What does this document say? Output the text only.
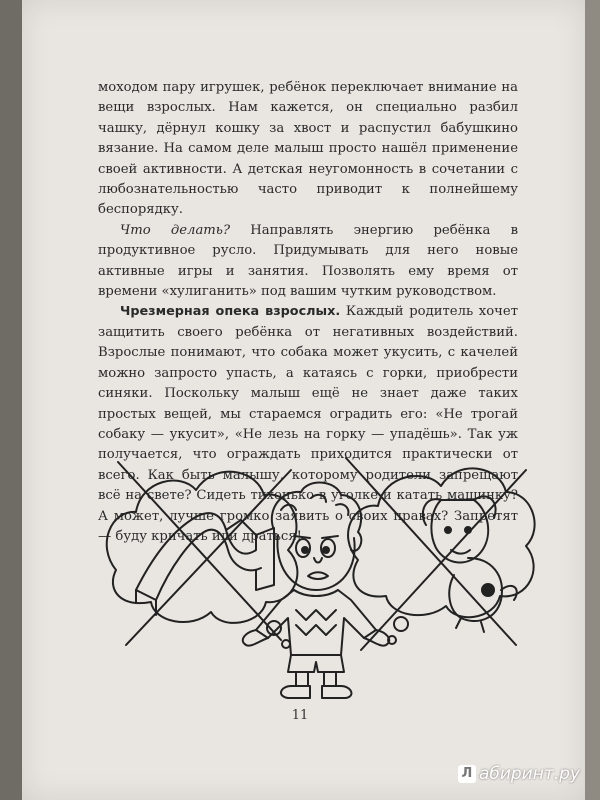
моходом пару игрушек, ребёнок переключает внимание на вещи взрослых. Нам кажется, он специально разбил чашку, дёрнул кошку за хвост и распустил бабушкино вязание. На самом деле малыш просто нашёл применение своей активности. А детская неугомонность в сочетании с любознательностью часто приводит к полнейшему беспорядку.

Что делать? Направлять энергию ребёнка в продуктивное русло. Придумывать для него новые активные игры и занятия. Позволять ему время от времени «хулиганить» под вашим чутким руководством.

Чрезмерная опека взрослых. Каждый родитель хочет защитить своего ребёнка от негативных воздействий. Взрослые понимают, что собака может укусить, с качелей можно запросто упасть, а катаясь с горки, приобрести синяки. Поскольку малыш ещё не знает даже таких простых вещей, мы стараемся оградить его: «Не трогай собаку — укусит», «Не лезь на горку — упадёшь». Так уж получается, что ограждать приходится практически от всего. Как быть малышу, которому родители запрещают всё на свете? Сидеть тихонько в уголке и катать машинку? А может, лучше громко заявить о своих правах? Запретят — буду кричать или драться!

11
Л абиринт.ру
